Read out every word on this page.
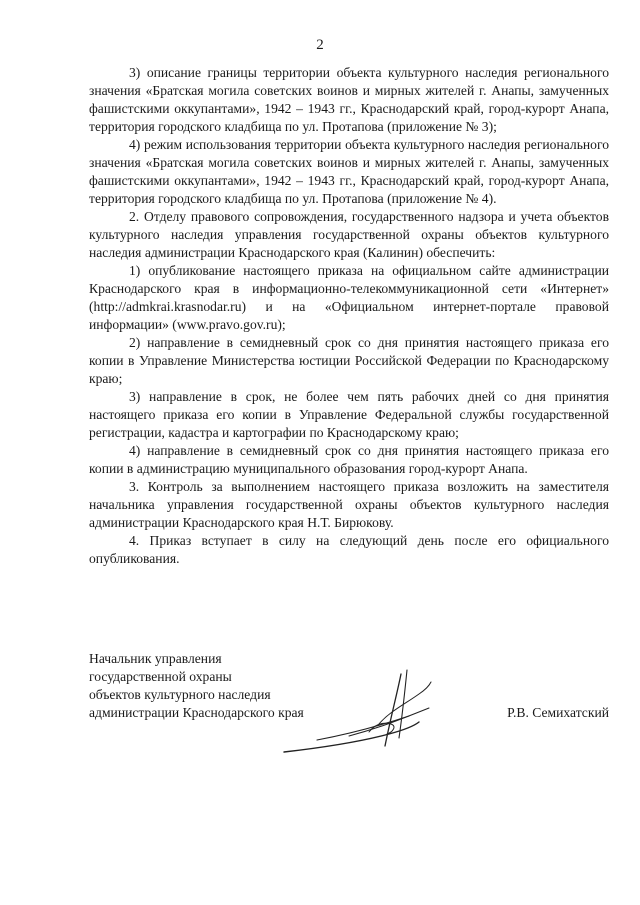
2

3) описание границы территории объекта культурного наследия регионального значения «Братская могила советских воинов и мирных жителей г. Анапы, замученных фашистскими оккупантами», 1942 – 1943 гг., Краснодарский край, город-курорт Анапа, территория городского кладбища по ул. Протапова (приложение № 3);

4) режим использования территории объекта культурного наследия регионального значения «Братская могила советских воинов и мирных жителей г. Анапы, замученных фашистскими оккупантами», 1942 – 1943 гг., Краснодарский край, город-курорт Анапа, территория городского кладбища по ул. Протапова (приложение № 4).

2. Отделу правового сопровождения, государственного надзора и учета объектов культурного наследия управления государственной охраны объектов культурного наследия администрации Краснодарского края (Калинин) обеспечить:

1) опубликование настоящего приказа на официальном сайте администрации Краснодарского края в информационно-телекоммуникационной сети «Интернет» (http://admkrai.krasnodar.ru) и на «Официальном интернет-портале правовой информации» (www.pravo.gov.ru);

2) направление в семидневный срок со дня принятия настоящего приказа его копии в Управление Министерства юстиции Российской Федерации по Краснодарскому краю;

3) направление в срок, не более чем пять рабочих дней со дня принятия настоящего приказа его копии в Управление Федеральной службы государственной регистрации, кадастра и картографии по Краснодарскому краю;

4) направление в семидневный срок со дня принятия настоящего приказа его копии в администрацию муниципального образования город-курорт Анапа.

3. Контроль за выполнением настоящего приказа возложить на заместителя начальника управления государственной охраны объектов культурного наследия администрации Краснодарского края Н.Т. Бирюкову.

4. Приказ вступает в силу на следующий день после его официального опубликования.

Начальник управления
государственной охраны
объектов культурного наследия
администрации Краснодарского края	Р.В. Семихатский
